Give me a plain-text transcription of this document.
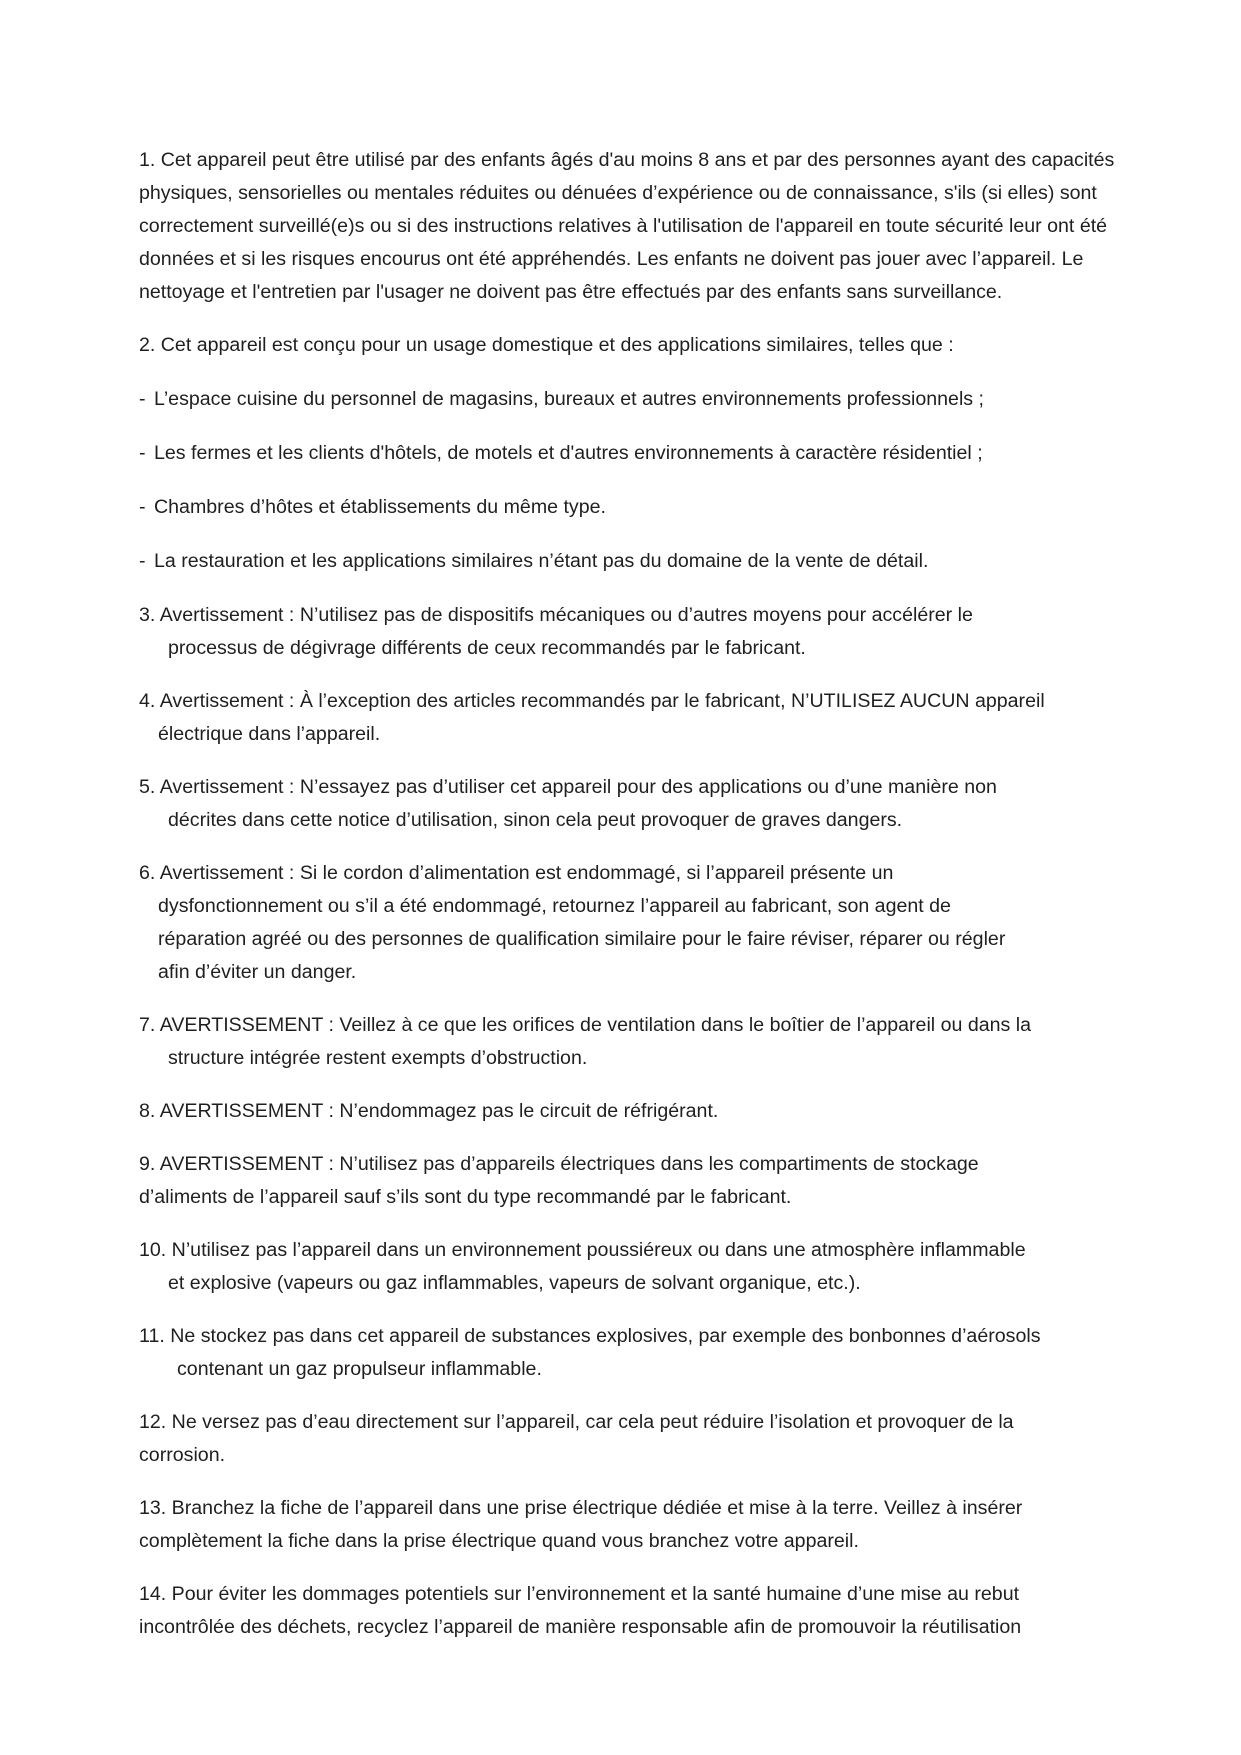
1. Cet appareil peut être utilisé par des enfants âgés d'au moins 8 ans et par des personnes ayant des capacités physiques, sensorielles ou mentales réduites ou dénuées d’expérience ou de connaissance, s'ils (si elles) sont correctement surveillé(e)s ou si des instructions relatives à l'utilisation de l'appareil en toute sécurité leur ont été données et si les risques encourus ont été appréhendés. Les enfants ne doivent pas jouer avec l’appareil. Le nettoyage et l'entretien par l'usager ne doivent pas être effectués par des enfants sans surveillance.

2. Cet appareil est conçu pour un usage domestique et des applications similaires, telles que :

- L’espace cuisine du personnel de magasins, bureaux et autres environnements professionnels ;
- Les fermes et les clients d'hôtels, de motels et d'autres environnements à caractère résidentiel ;
- Chambres d’hôtes et établissements du même type.
- La restauration et les applications similaires n’étant pas du domaine de la vente de détail.
3. Avertissement : N’utilisez pas de dispositifs mécaniques ou d’autres moyens pour accélérer le
processus de dégivrage différents de ceux recommandés par le fabricant.
4. Avertissement : À l’exception des articles recommandés par le fabricant, N’UTILISEZ AUCUN appareil
électrique dans l’appareil.
5. Avertissement : N’essayez pas d’utiliser cet appareil pour des applications ou d’une manière non
décrites dans cette notice d’utilisation, sinon cela peut provoquer de graves dangers.
6. Avertissement : Si le cordon d’alimentation est endommagé, si l’appareil présente un
dysfonctionnement ou s’il a été endommagé, retournez l’appareil au fabricant, son agent de
réparation agréé ou des personnes de qualification similaire pour le faire réviser, réparer ou régler
afin d’éviter un danger.
7. AVERTISSEMENT : Veillez à ce que les orifices de ventilation dans le boîtier de l’appareil ou dans la
structure intégrée restent exempts d’obstruction.

8. AVERTISSEMENT : N’endommagez pas le circuit de réfrigérant.

9. AVERTISSEMENT : N’utilisez pas d’appareils électriques dans les compartiments de stockage
d’aliments de l’appareil sauf s’ils sont du type recommandé par le fabricant.
10. N’utilisez pas l’appareil dans un environnement poussiéreux ou dans une atmosphère inflammable
et explosive (vapeurs ou gaz inflammables, vapeurs de solvant organique, etc.).
11. Ne stockez pas dans cet appareil de substances explosives, par exemple des bonbonnes d’aérosols
contenant un gaz propulseur inflammable.
12. Ne versez pas d’eau directement sur l’appareil, car cela peut réduire l’isolation et provoquer de la
corrosion.
13. Branchez la fiche de l’appareil dans une prise électrique dédiée et mise à la terre. Veillez à insérer
complètement la fiche dans la prise électrique quand vous branchez votre appareil.
14. Pour éviter les dommages potentiels sur l’environnement et la santé humaine d’une mise au rebut
incontrôlée des déchets, recyclez l’appareil de manière responsable afin de promouvoir la réutilisation
